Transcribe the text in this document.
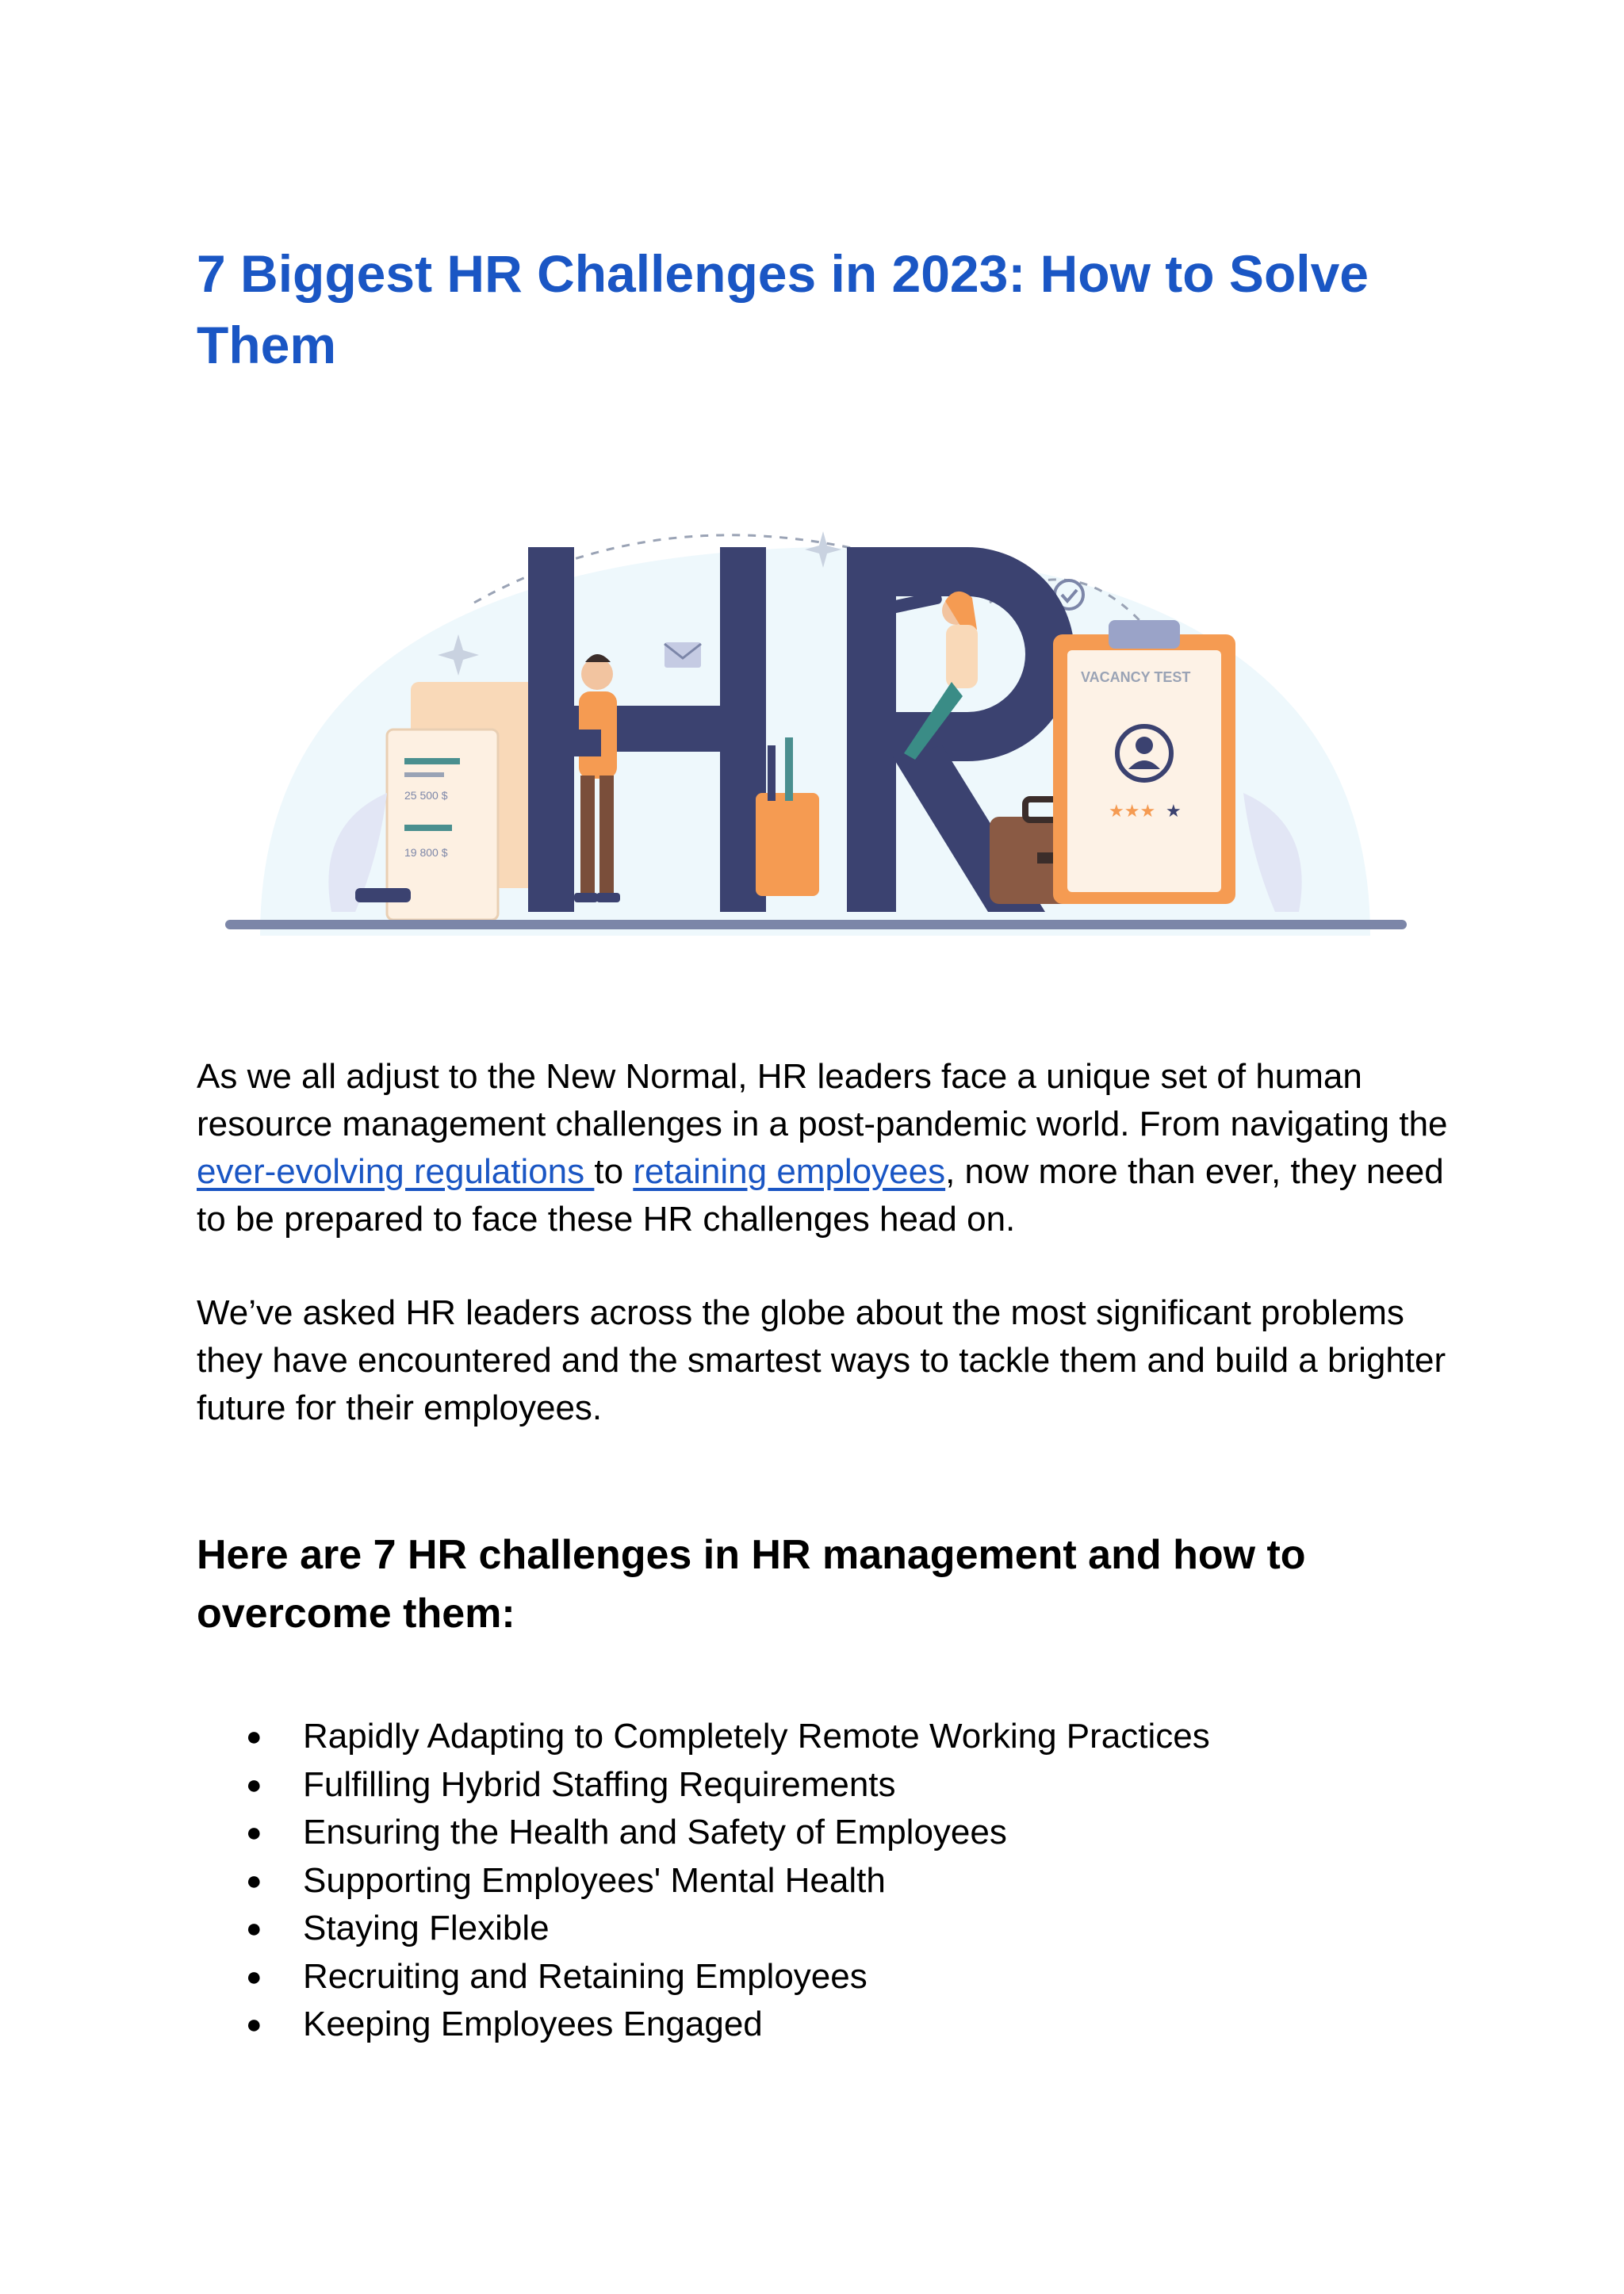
7 Biggest HR Challenges in 2023: How to Solve Them
25 500 $
19 800 $
VACANCY TEST
★★★ ★

As we all adjust to the New Normal, HR leaders face a unique set of human resource management challenges in a post-pandemic world. From navigating the ever-evolving regulations to retaining employees, now more than ever, they need to be prepared to face these HR challenges head on.

We’ve asked HR leaders across the globe about the most significant problems they have encountered and the smartest ways to tackle them and build a brighter future for their employees.

Here are 7 HR challenges in HR management and how to overcome them:
● Rapidly Adapting to Completely Remote Working Practices
● Fulfilling Hybrid Staffing Requirements
● Ensuring the Health and Safety of Employees
● Supporting Employees' Mental Health
● Staying Flexible
● Recruiting and Retaining Employees
● Keeping Employees Engaged
